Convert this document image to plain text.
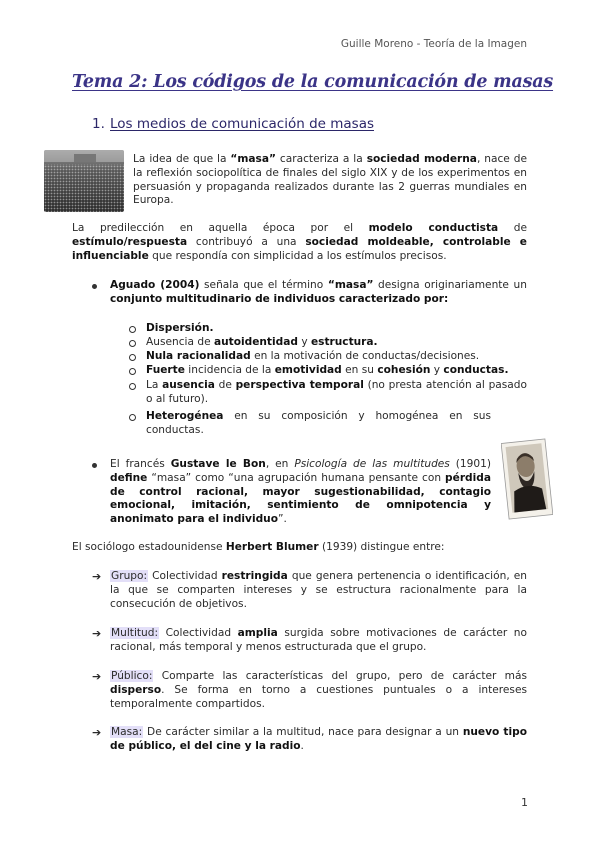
Guille Moreno - Teoría de la Imagen
Tema 2: Los códigos de la comunicación de masas
1. Los medios de comunicación de masas
La idea de que la “masa” caracteriza a la sociedad moderna, nace de la reflexión sociopolítica de finales del siglo XIX y de los experimentos en persuasión y propaganda realizados durante las 2 guerras mundiales en Europa.
La predilección en aquella época por el modelo conductista de estímulo/respuesta contribuyó a una sociedad moldeable, controlable e influenciable que respondía con simplicidad a los estímulos precisos.
Aguado (2004) señala que el término “masa” designa originariamente un conjunto multitudinario de individuos caracterizado por:
Dispersión.
Ausencia de autoidentidad y estructura.
Nula racionalidad en la motivación de conductas/decisiones.
Fuerte incidencia de la emotividad en su cohesión y conductas.
La ausencia de perspectiva temporal (no presta atención al pasado o al futuro).
Heterogénea en su composición y homogénea en sus conductas.
El francés Gustave le Bon, en Psicología de las multitudes (1901) define “masa” como “una agrupación humana pensante con pérdida de control racional, mayor sugestionabilidad, contagio emocional, imitación, sentimiento de omnipotencia y anonimato para el individuo”.
El sociólogo estadounidense Herbert Blumer (1939) distingue entre:
➔ Grupo: Colectividad restringida que genera pertenencia o identificación, en la que se comparten intereses y se estructura racionalmente para la consecución de objetivos.
➔ Multitud: Colectividad amplia surgida sobre motivaciones de carácter no racional, más temporal y menos estructurada que el grupo.
➔ Público: Comparte las características del grupo, pero de carácter más disperso. Se forma en torno a cuestiones puntuales o a intereses temporalmente compartidos.
➔ Masa: De carácter similar a la multitud, nace para designar a un nuevo tipo de público, el del cine y la radio.
1
